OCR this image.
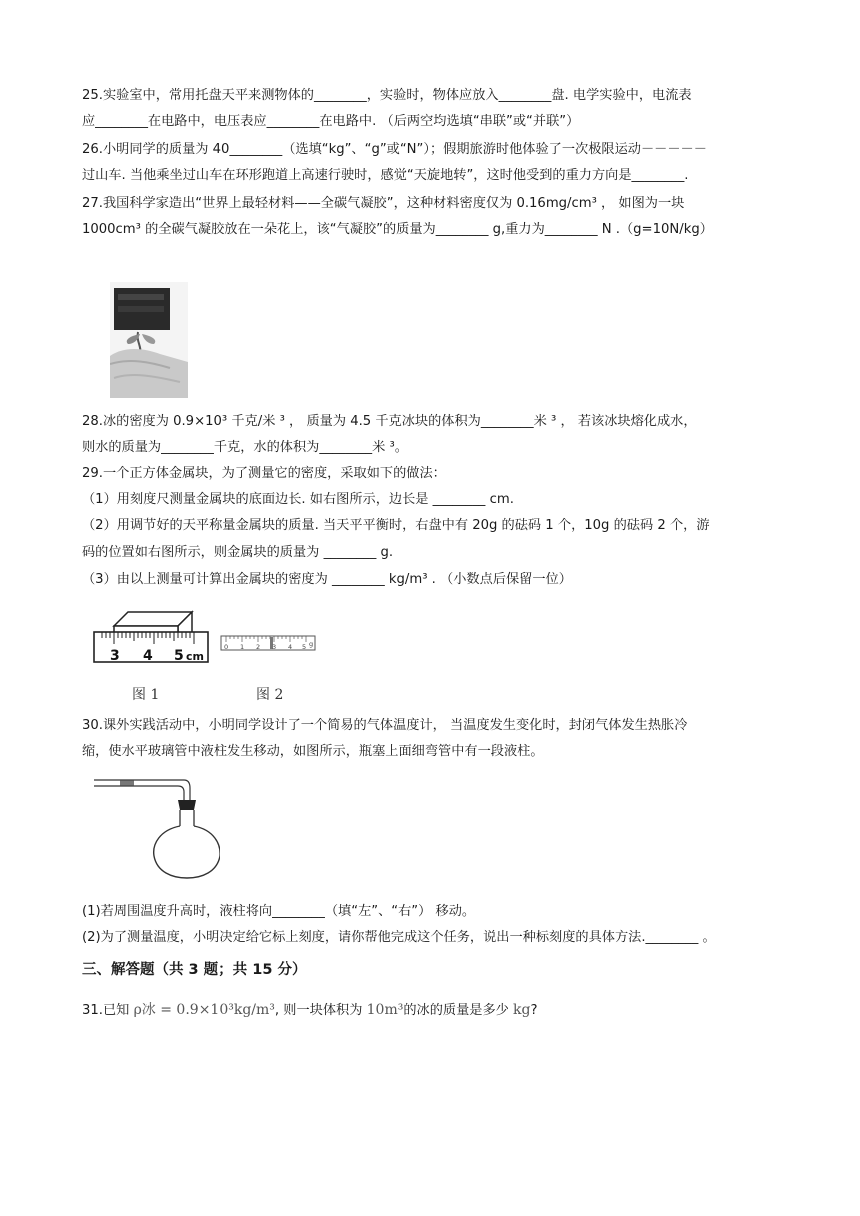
25.实验室中，常用托盘天平来测物体的________，实验时，物体应放入________盘. 电学实验中，电流表
应________在电路中，电压表应________在电路中. （后两空均选填“串联”或“并联”）
26.小明同学的质量为 40________（选填“kg”、“g”或“N”）；假期旅游时他体验了一次极限运动－－－－－
过山车. 当他乘坐过山车在环形跑道上高速行驶时，感觉“天旋地转”，这时他受到的重力方向是________.
27.我国科学家造出“世界上最轻材料——全碳气凝胶”，这种材料密度仅为 0.16mg/cm³ ， 如图为一块
1000cm³ 的全碳气凝胶放在一朵花上，该“气凝胶”的质量为________ g,重力为________ N .（g=10N/kg）
28.冰的密度为 0.9×10³ 千克/米 ³ ， 质量为 4.5 千克冰块的体积为________米 ³ ， 若该冰块熔化成水，
则水的质量为________千克，水的体积为________米 ³。
29.一个正方体金属块，为了测量它的密度，采取如下的做法：
（1）用刻度尺测量金属块的底面边长. 如右图所示，边长是 ________ cm.
（2）用调节好的天平称量金属块的质量. 当天平平衡时，右盘中有 20g 的砝码 1 个，10g 的砝码 2 个，游
码的位置如右图所示，则金属块的质量为 ________ g.
（3）由以上测量可计算出金属块的密度为 ________ kg/m³ . （小数点后保留一位）
3 4 5 cm
0 1 2 3 4 5 g
图 1	图 2
30.课外实践活动中，小明同学设计了一个简易的气体温度计， 当温度发生变化时，封闭气体发生热胀冷
缩，使水平玻璃管中液柱发生移动，如图所示，瓶塞上面细弯管中有一段液柱。
(1)若周围温度升高时，液柱将向________（填“左”、“右”） 移动。
(2)为了测量温度，小明决定给它标上刻度，请你帮他完成这个任务，说出一种标刻度的具体方法.________ 。
三、解答题（共 3 题；共 15 分）
31.已知 ρ冰 = 0.9×10³kg/m³, 则一块体积为 10m³的冰的质量是多少 kg?
